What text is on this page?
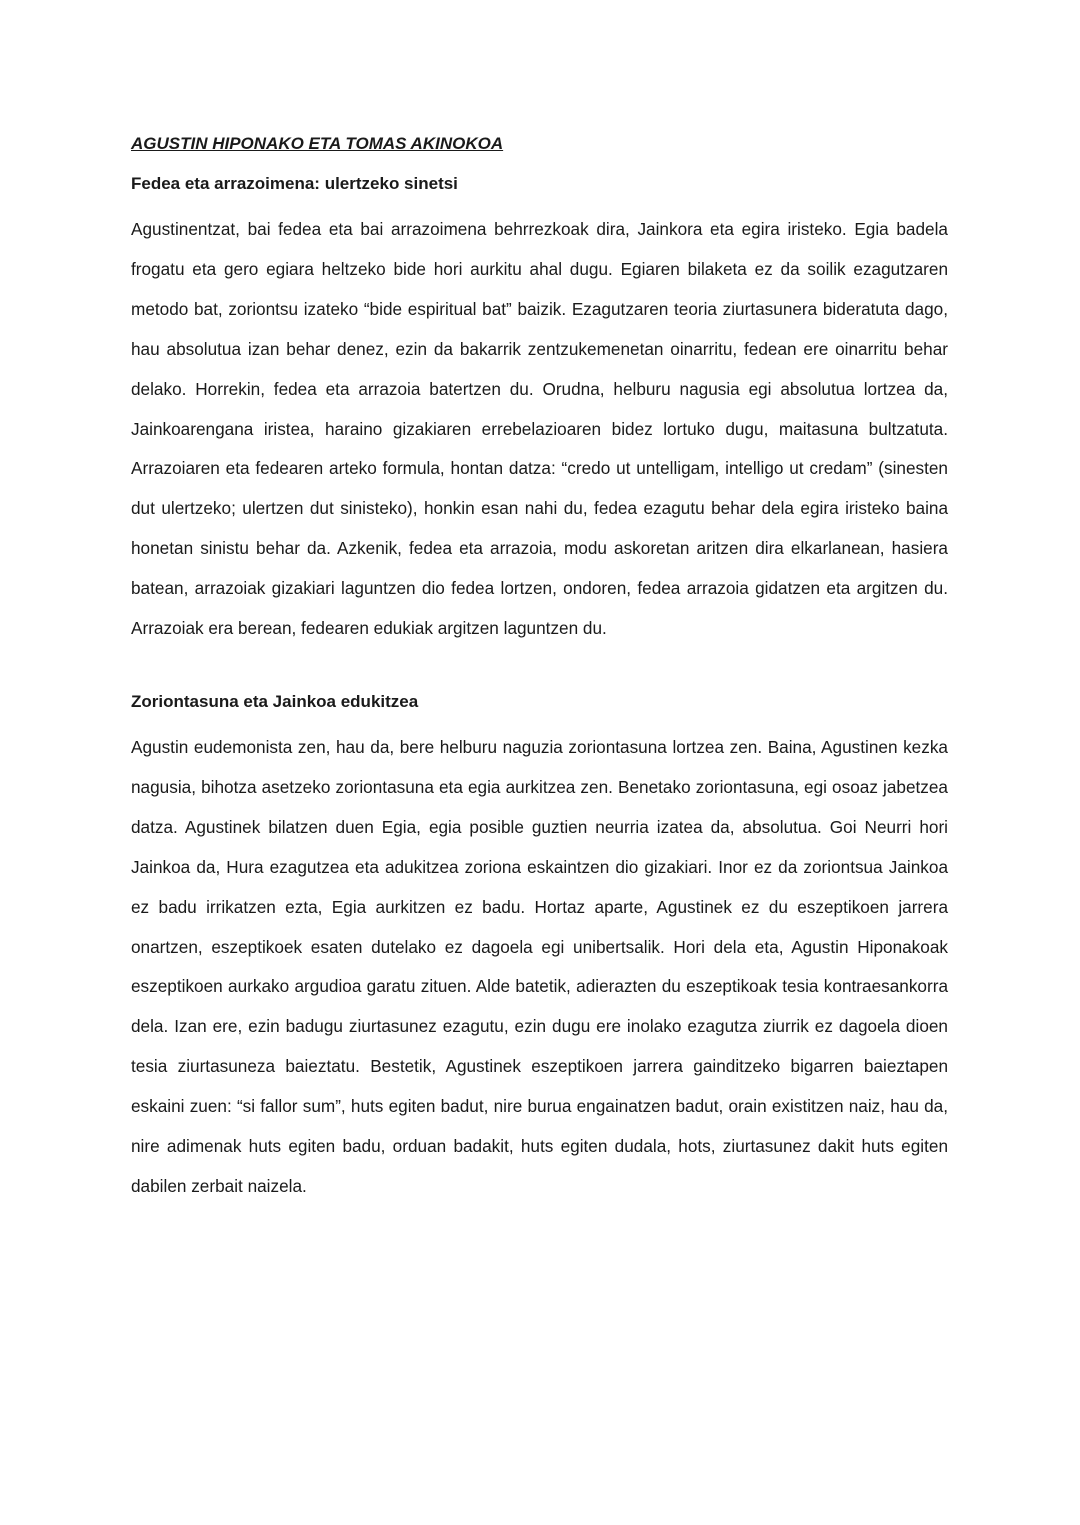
AGUSTIN HIPONAKO ETA TOMAS AKINOKOA
Fedea eta arrazoimena: ulertzeko sinetsi

Agustinentzat, bai fedea eta bai arrazoimena behrrezkoak dira, Jainkora eta egira iristeko. Egia badela frogatu eta gero egiara heltzeko bide hori aurkitu ahal dugu. Egiaren bilaketa ez da soilik ezagutzaren metodo bat, zoriontsu izateko “bide espiritual bat” baizik. Ezagutzaren teoria ziurtasunera bideratuta dago, hau absolutua izan behar denez, ezin da bakarrik zentzukemenetan oinarritu, fedean ere oinarritu behar delako. Horrekin, fedea eta arrazoia batertzen du. Orudna, helburu nagusia egi absolutua lortzea da, Jainkoarengana iristea, haraino gizakiaren errebelazioaren bidez lortuko dugu, maitasuna bultzatuta. Arrazoiaren eta fedearen arteko formula, hontan datza: “credo ut untelligam, intelligo ut credam” (sinesten dut ulertzeko; ulertzen dut sinisteko), honkin esan nahi du, fedea ezagutu behar dela egira iristeko baina honetan sinistu behar da. Azkenik, fedea eta arrazoia, modu askoretan aritzen dira elkarlanean, hasiera batean, arrazoiak gizakiari laguntzen dio fedea lortzen, ondoren, fedea arrazoia gidatzen eta argitzen du. Arrazoiak era berean, fedearen edukiak argitzen laguntzen du.

Zoriontasuna eta Jainkoa edukitzea

Agustin eudemonista zen, hau da, bere helburu naguzia zoriontasuna lortzea zen. Baina, Agustinen kezka nagusia, bihotza asetzeko zoriontasuna eta egia aurkitzea zen. Benetako zoriontasuna, egi osoaz jabetzea datza. Agustinek bilatzen duen Egia, egia posible guztien neurria izatea da, absolutua. Goi Neurri hori Jainkoa da, Hura ezagutzea eta adukitzea zoriona eskaintzen dio gizakiari. Inor ez da zoriontsua Jainkoa ez badu irrikatzen ezta, Egia aurkitzen ez badu. Hortaz aparte, Agustinek ez du eszeptikoen jarrera onartzen, eszeptikoek esaten dutelako ez dagoela egi unibertsalik. Hori dela eta, Agustin Hiponakoak eszeptikoen aurkako argudioa garatu zituen. Alde batetik, adierazten du eszeptikoak tesia kontraesankorra dela. Izan ere, ezin badugu ziurtasunez ezagutu, ezin dugu ere inolako ezagutza ziurrik ez dagoela dioen tesia ziurtasuneza baieztatu. Bestetik, Agustinek eszeptikoen jarrera gainditzeko bigarren baieztapen eskaini zuen: “si fallor sum”, huts egiten badut, nire burua engainatzen badut, orain existitzen naiz, hau da, nire adimenak huts egiten badu, orduan badakit, huts egiten dudala, hots, ziurtasunez dakit huts egiten dabilen zerbait naizela.
